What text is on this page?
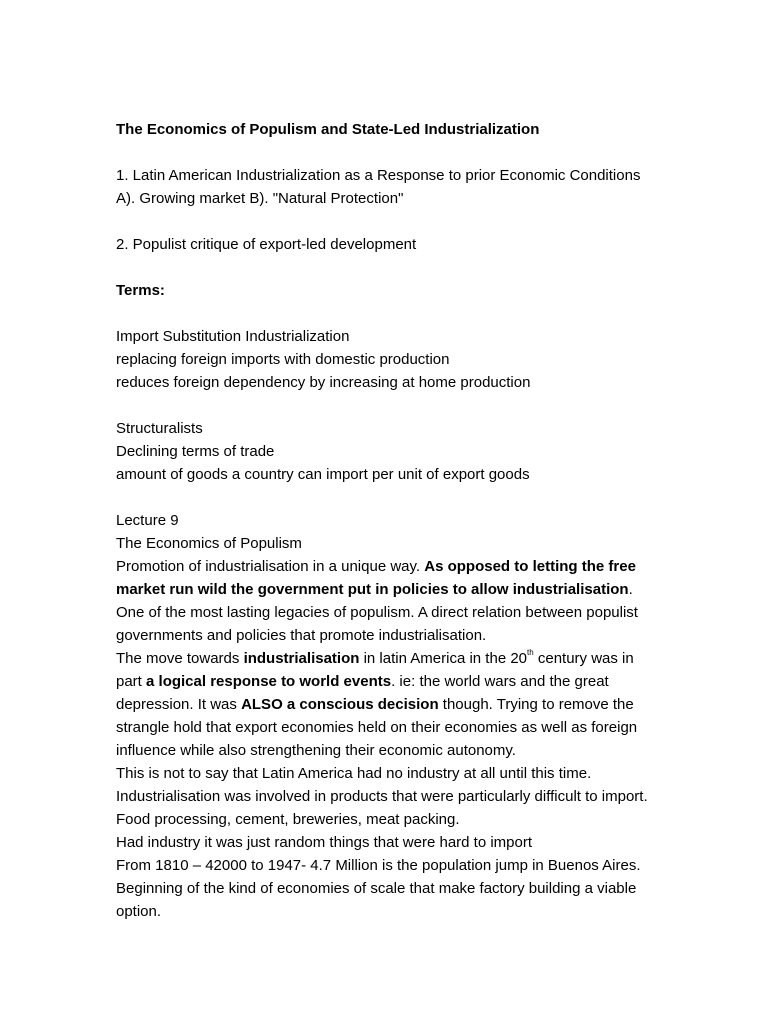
The Economics of Populism and State-Led Industrialization
1. Latin American Industrialization as a Response to prior Economic Conditions
A). Growing market B). "Natural Protection"
2. Populist critique of export-led development
Terms:
Import Substitution Industrialization
replacing foreign imports with domestic production
reduces foreign dependency by increasing at home production
Structuralists
Declining terms of trade
amount of goods a country can import per unit of export goods
Lecture 9
The Economics of Populism
Promotion of industrialisation in a unique way. As opposed to letting the free
market run wild the government put in policies to allow industrialisation.
One of the most lasting legacies of populism. A direct relation between populist
governments and policies that promote industrialisation.
The move towards industrialisation in latin America in the 20th century was in
part a logical response to world events. ie: the world wars and the great
depression. It was ALSO a conscious decision though. Trying to remove the
strangle hold that export economies held on their economies as well as foreign
influence while also strengthening their economic autonomy.
This is not to say that Latin America had no industry at all until this time.
Industrialisation was involved in products that were particularly difficult to import.
Food processing, cement, breweries, meat packing.
Had industry it was just random things that were hard to import
From 1810 – 42000 to 1947- 4.7 Million is the population jump in Buenos Aires.
Beginning of the kind of economies of scale that make factory building a viable
option.
